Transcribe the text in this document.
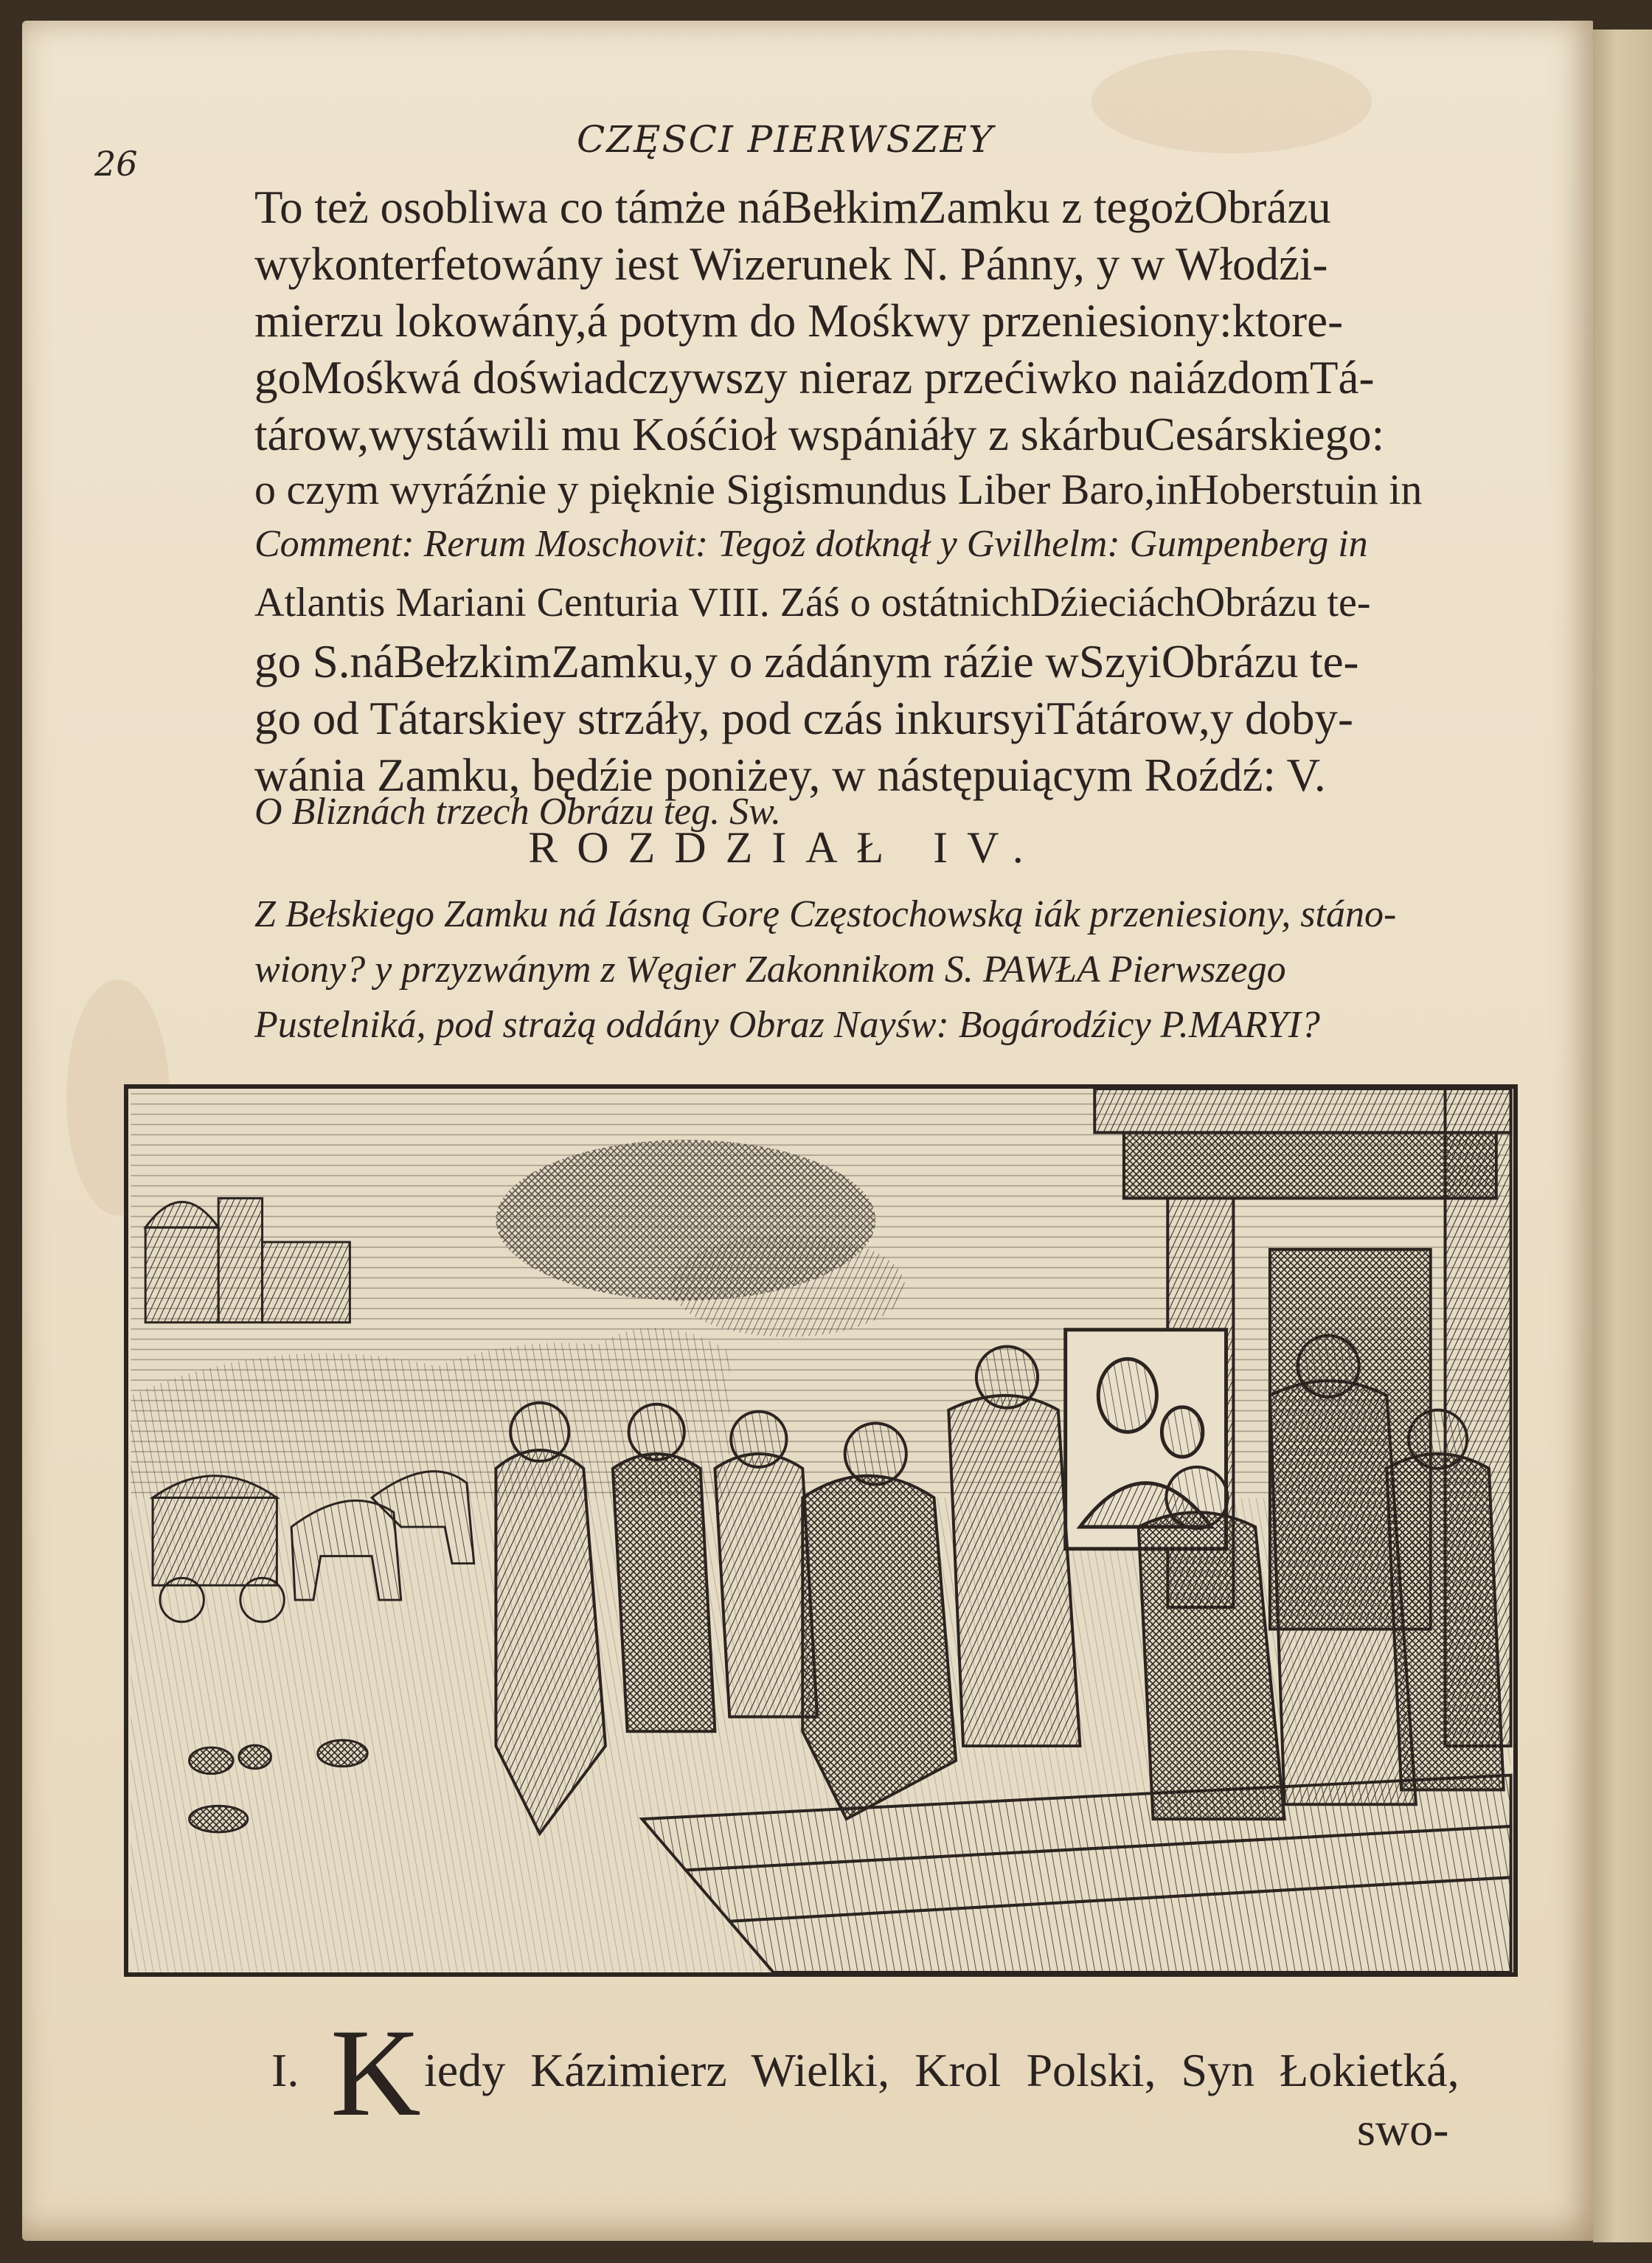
26
CZĘSCI PIERWSZEY
To też osobliwa co támże náBełkimZamku z tegożObrázu
wykonterfetowány iest Wizerunek N. Pánny, y w Włodźi-
mierzu lokowány,á potym do Mośkwy przeniesiony:ktore-
goMośkwá doświadczywszy nieraz przećiwko naiázdomTá-
tárow,wystáwili mu Kośćioł wspániáły z skárbuCesárskiego:
o czym wyráźnie y pięknie Sigismundus Liber Baro,inHoberstuin in
Comment: Rerum Moschovit: Tegoż dotknął y Gvilhelm: Gumpenberg in
Atlantis Mariani Centuria VIII. Záś o ostátnichDźieciáchObrázu te-
go S.náBełzkimZamku,y o zádánym ráźie wSzyiObrázu te-
go od Tátarskiey strzáły, pod czás inkursyiTátárow,y doby-
wánia Zamku, będźie poniżey, w nástępuiącym Roźdź: V.
O Bliznách trzech Obrázu teg. Sw.
ROZDZIAŁ IV.
Z Bełskiego Zamku ná Iásną Gorę Częstochowską iák przeniesiony, stáno-
wiony? y przyzwánym z Węgier Zakonnikom S. PAWŁA Pierwszego
Pustelniká, pod strażą oddány Obraz Nayśw: Bogárodźicy P.MARYI?
I. K iedy Kázimierz Wielki, Krol Polski, Syn Łokietká,
swo-
